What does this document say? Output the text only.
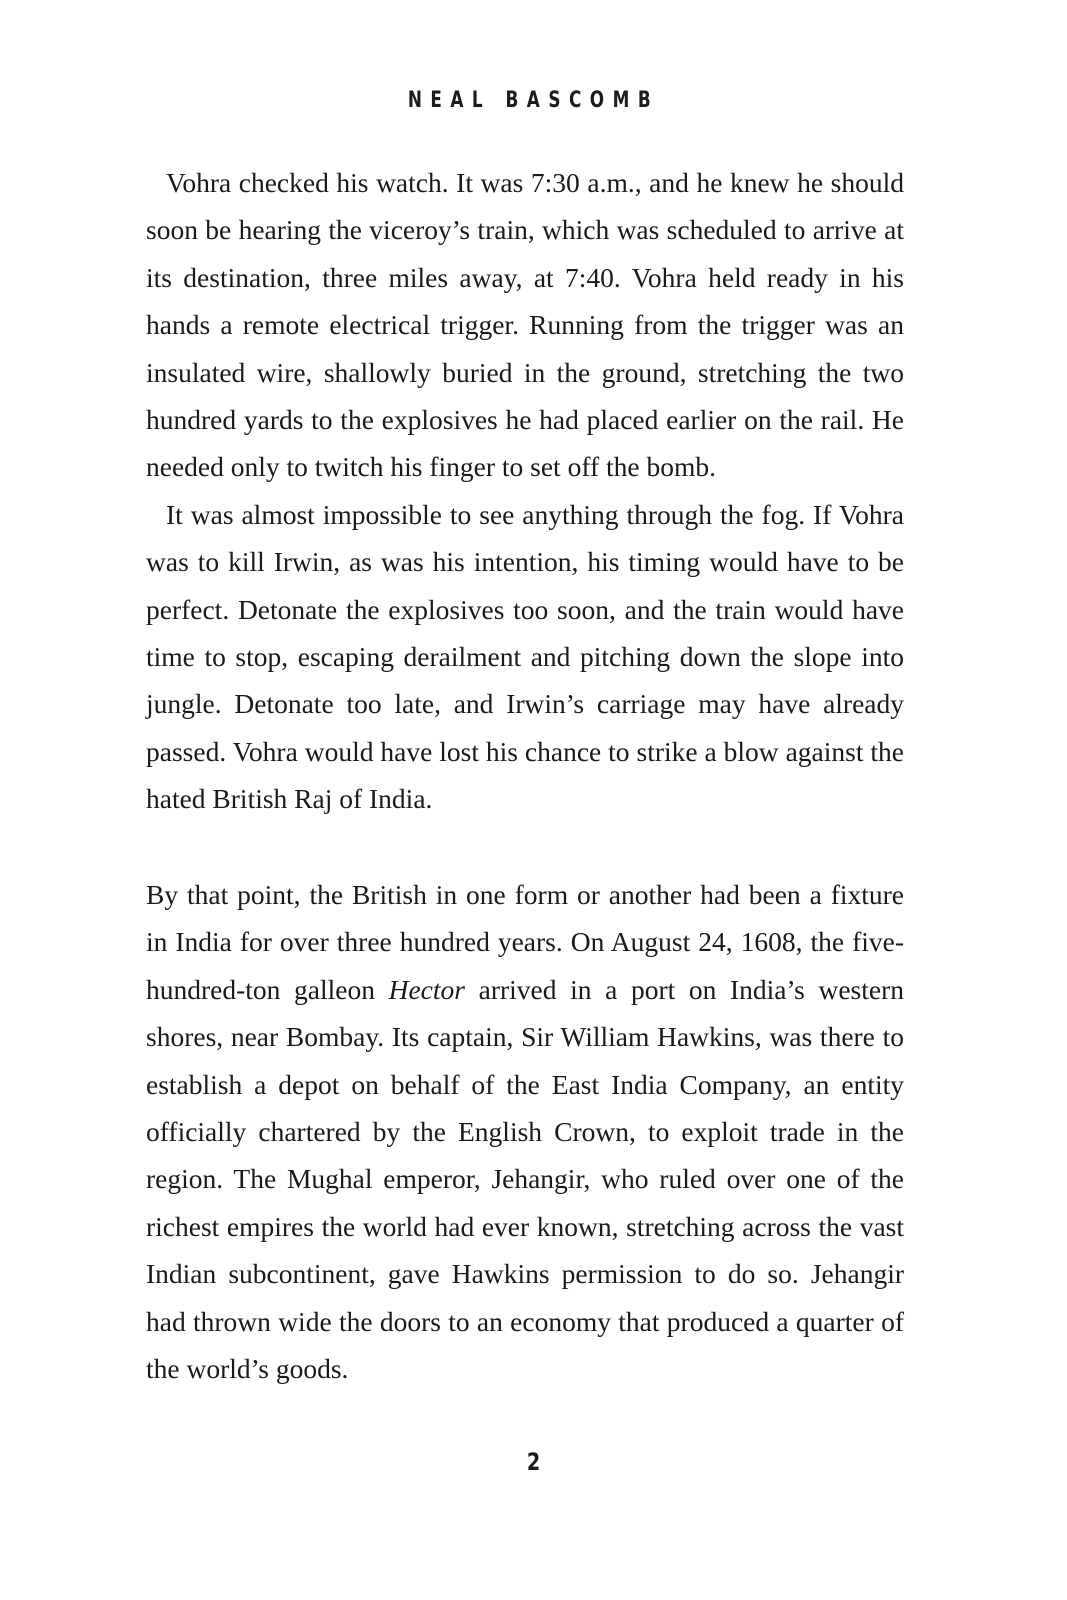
NEAL BASCOMB

Vohra checked his watch. It was 7:30 a.m., and he knew he should soon be hearing the viceroy’s train, which was scheduled to arrive at its destination, three miles away, at 7:40. Vohra held ready in his hands a remote electrical trigger. Running from the trigger was an insulated wire, shallowly buried in the ground, stretching the two hundred yards to the explosives he had placed earlier on the rail. He needed only to twitch his finger to set off the bomb.

It was almost impossible to see anything through the fog. If Vohra was to kill Irwin, as was his intention, his timing would have to be perfect. Detonate the explosives too soon, and the train would have time to stop, escaping derailment and pitching down the slope into jungle. Detonate too late, and Irwin’s carriage may have already passed. Vohra would have lost his chance to strike a blow against the hated British Raj of India.

By that point, the British in one form or another had been a fixture in India for over three hundred years. On August 24, 1608, the five-hundred-ton galleon Hector arrived in a port on India’s western shores, near Bombay. Its captain, Sir William Hawkins, was there to establish a depot on behalf of the East India Company, an entity officially chartered by the English Crown, to exploit trade in the region. The Mughal emperor, Jehangir, who ruled over one of the richest empires the world had ever known, stretching across the vast Indian subcontinent, gave Hawkins permission to do so. Jehangir had thrown wide the doors to an economy that produced a quarter of the world’s goods.

2
